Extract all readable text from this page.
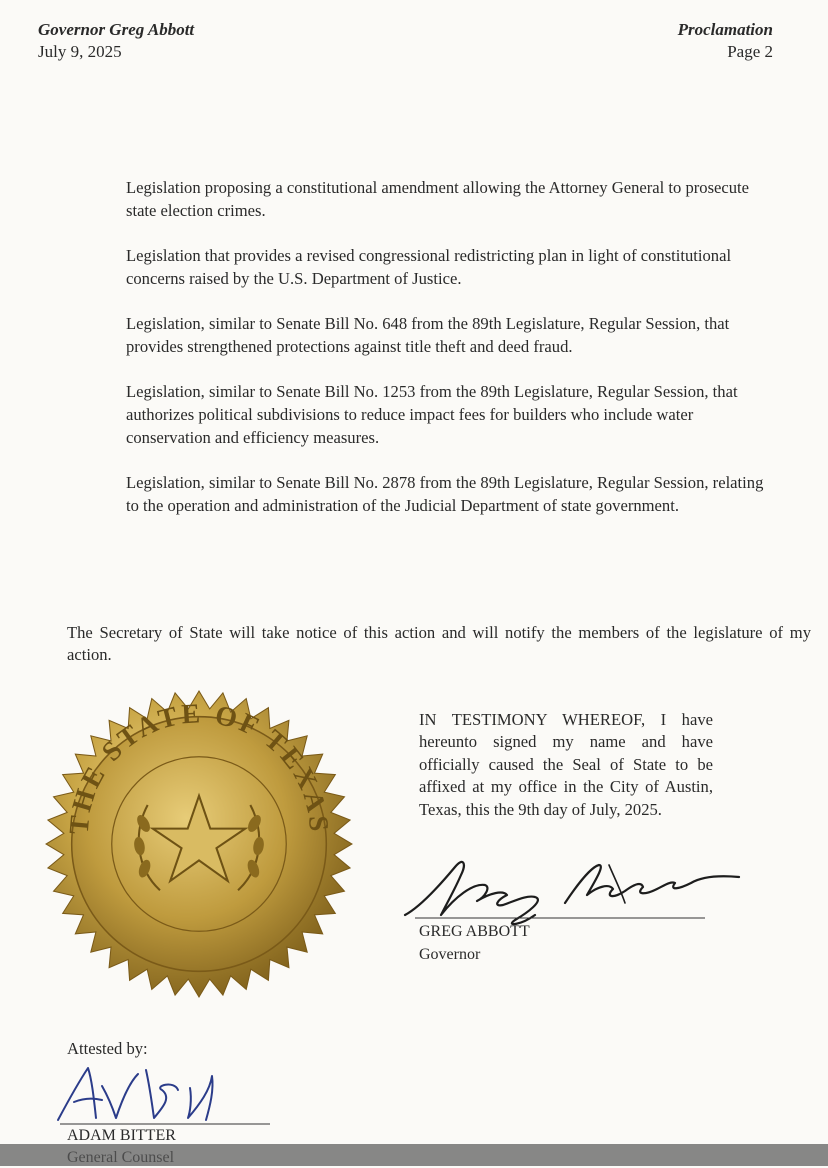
Governor Greg Abbott
July 9, 2025
Proclamation
Page 2

Legislation proposing a constitutional amendment allowing the Attorney General to prosecute state election crimes.

Legislation that provides a revised congressional redistricting plan in light of constitutional concerns raised by the U.S. Department of Justice.

Legislation, similar to Senate Bill No. 648 from the 89th Legislature, Regular Session, that provides strengthened protections against title theft and deed fraud.

Legislation, similar to Senate Bill No. 1253 from the 89th Legislature, Regular Session, that authorizes political subdivisions to reduce impact fees for builders who include water conservation and efficiency measures.

Legislation, similar to Senate Bill No. 2878 from the 89th Legislature, Regular Session, relating to the operation and administration of the Judicial Department of state government.

The Secretary of State will take notice of this action and will notify the members of the legislature of my action.

THE STATE OF TEXAS

IN TESTIMONY WHEREOF, I have hereunto signed my name and have officially caused the Seal of State to be affixed at my office in the City of Austin, Texas, this the 9th day of July, 2025.

GREG ABBOTT
Governor
Attested by:
ADAM BITTER
